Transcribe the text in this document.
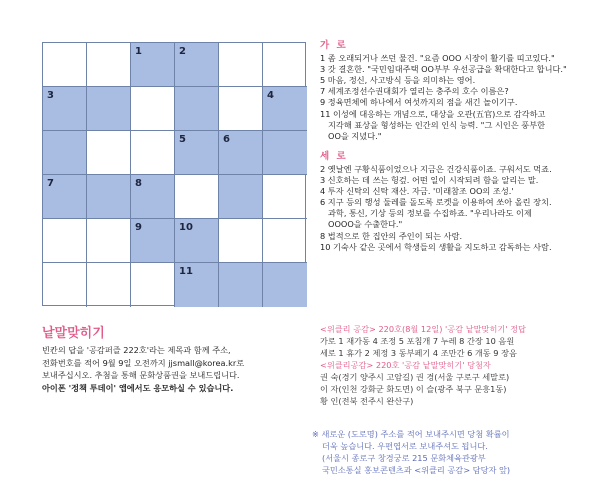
1	2
3	4
5	6
7	8
9	10
11
가 로

1 좀 오래되거나 쓰던 물건. "요즘 OOO 시장이 활기를 띠고있다."

3 갓 결혼한. "국민임대주택 OO부부 우선공급을 확대한다고 합니다."

5 마음, 정신, 사고방식 등을 의미하는 영어.

7 세계조정선수권대회가 열리는 충주의 호수 이름은?

9 정육면체에 하나에서 여섯까지의 점을 새긴 놀이기구.

11 이성에 대응하는 개념으로, 대상을 오관(五官)으로 감각하고

지각해 표상을 형성하는 인간의 인식 능력. "그 시인은 풍부한

OO을 지녔다."

세 로

2 옛날엔 구황식품이었으나 지금은 건강식품이죠. 구워서도 먹죠.

3 신호하는 데 쓰는 헝겊. 어떤 일이 시작되려 함을 알리는 말.

4 투자 신탁의 신탁 재산. 자금. '미래참조 OO의 조성.'

6 지구 등의 행성 둘레를 돌도록 로켓을 이용하여 쏘아 올린 장치.

과학, 통신, 기상 등의 정보를 수집하죠. "우리나라도 이제

OOOO을 수출한다."

8 법적으로 한 집안의 주인이 되는 사람.

10 기숙사 같은 곳에서 학생들의 생활을 지도하고 감독하는 사람.

낱말맞히기

빈칸의 답을 '공감퍼즐 222호'라는 제목과 함께 주소,

전화번호를 적어 9월 9일 오전까지 jjsmall@korea.kr로

보내주십시오. 추첨을 통해 문화상품권을 보내드립니다.

아이폰 '정책 투데이' 앱에서도 응모하실 수 있습니다.

<위클리 공감> 220호(8월 12일) '공감 낱말맞히기' 정답

가로 1 재가동 4 조정 5 포침개 7 누레 8 간장 10 음원

세로 1 휴가 2 제정 3 동부페기 4 조만간 6 개동 9 장음

<위클리공감> 220호 '공감 낱말맞히기' 당첨자

권 숙(경기 양주시 고암길) 권 경(서울 구로구 세말로)

이 자(인천 강화군 화도면) 이 슬(광주 북구 문흥1동)

황 인(전북 전주시 완산구)

※ 새로운 (도로명) 주소를 적어 보내주시면 당첨 확률이

더욱 높습니다. 우편엽서로 보내주셔도 됩니다.

(서울시 종로구 창경궁로 215 문화체육관광부

국민소통실 홍보콘텐츠과 <위클리 공감> 담당자 앞)
